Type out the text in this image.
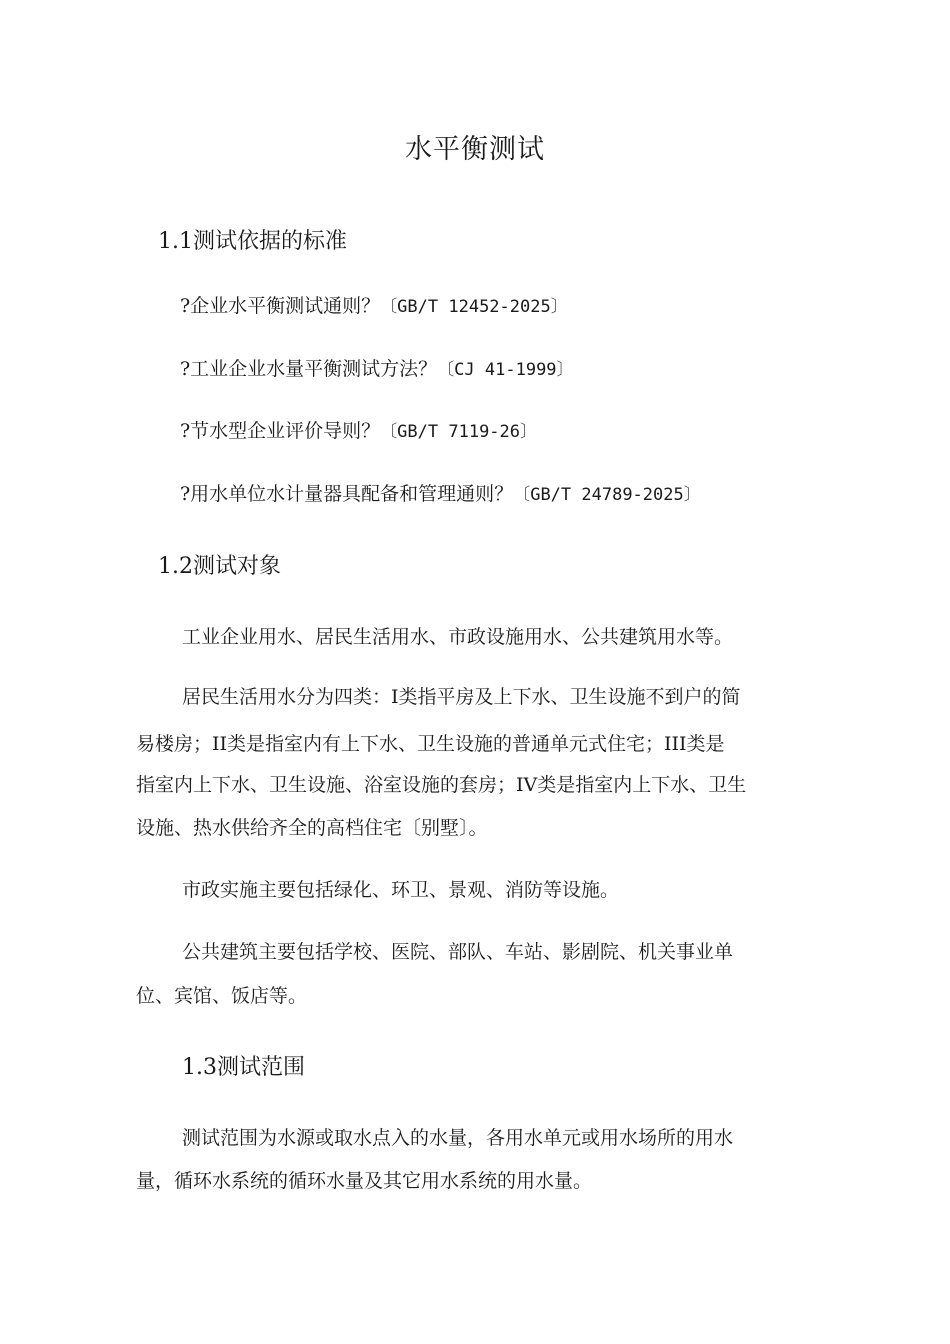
水平衡测试
1.1测试依据的标准
?企业水平衡测试通则？〔GB/T 12452-2025〕
?工业企业水量平衡测试方法？〔CJ 41-1999〕
?节水型企业评价导则？〔GB/T 7119-26〕
?用水单位水计量器具配备和管理通则？〔GB/T 24789-2025〕
1.2测试对象
工业企业用水、居民生活用水、市政设施用水、公共建筑用水等。
居民生活用水分为四类：I类指平房及上下水、卫生设施不到户的简
易楼房；II类是指室内有上下水、卫生设施的普通单元式住宅；III类是
指室内上下水、卫生设施、浴室设施的套房；IV类是指室内上下水、卫生
设施、热水供给齐全的高档住宅〔别墅〕。
市政实施主要包括绿化、环卫、景观、消防等设施。
公共建筑主要包括学校、医院、部队、车站、影剧院、机关事业单
位、宾馆、饭店等。
1.3测试范围
测试范围为水源或取水点入的水量，各用水单元或用水场所的用水
量，循环水系统的循环水量及其它用水系统的用水量。
